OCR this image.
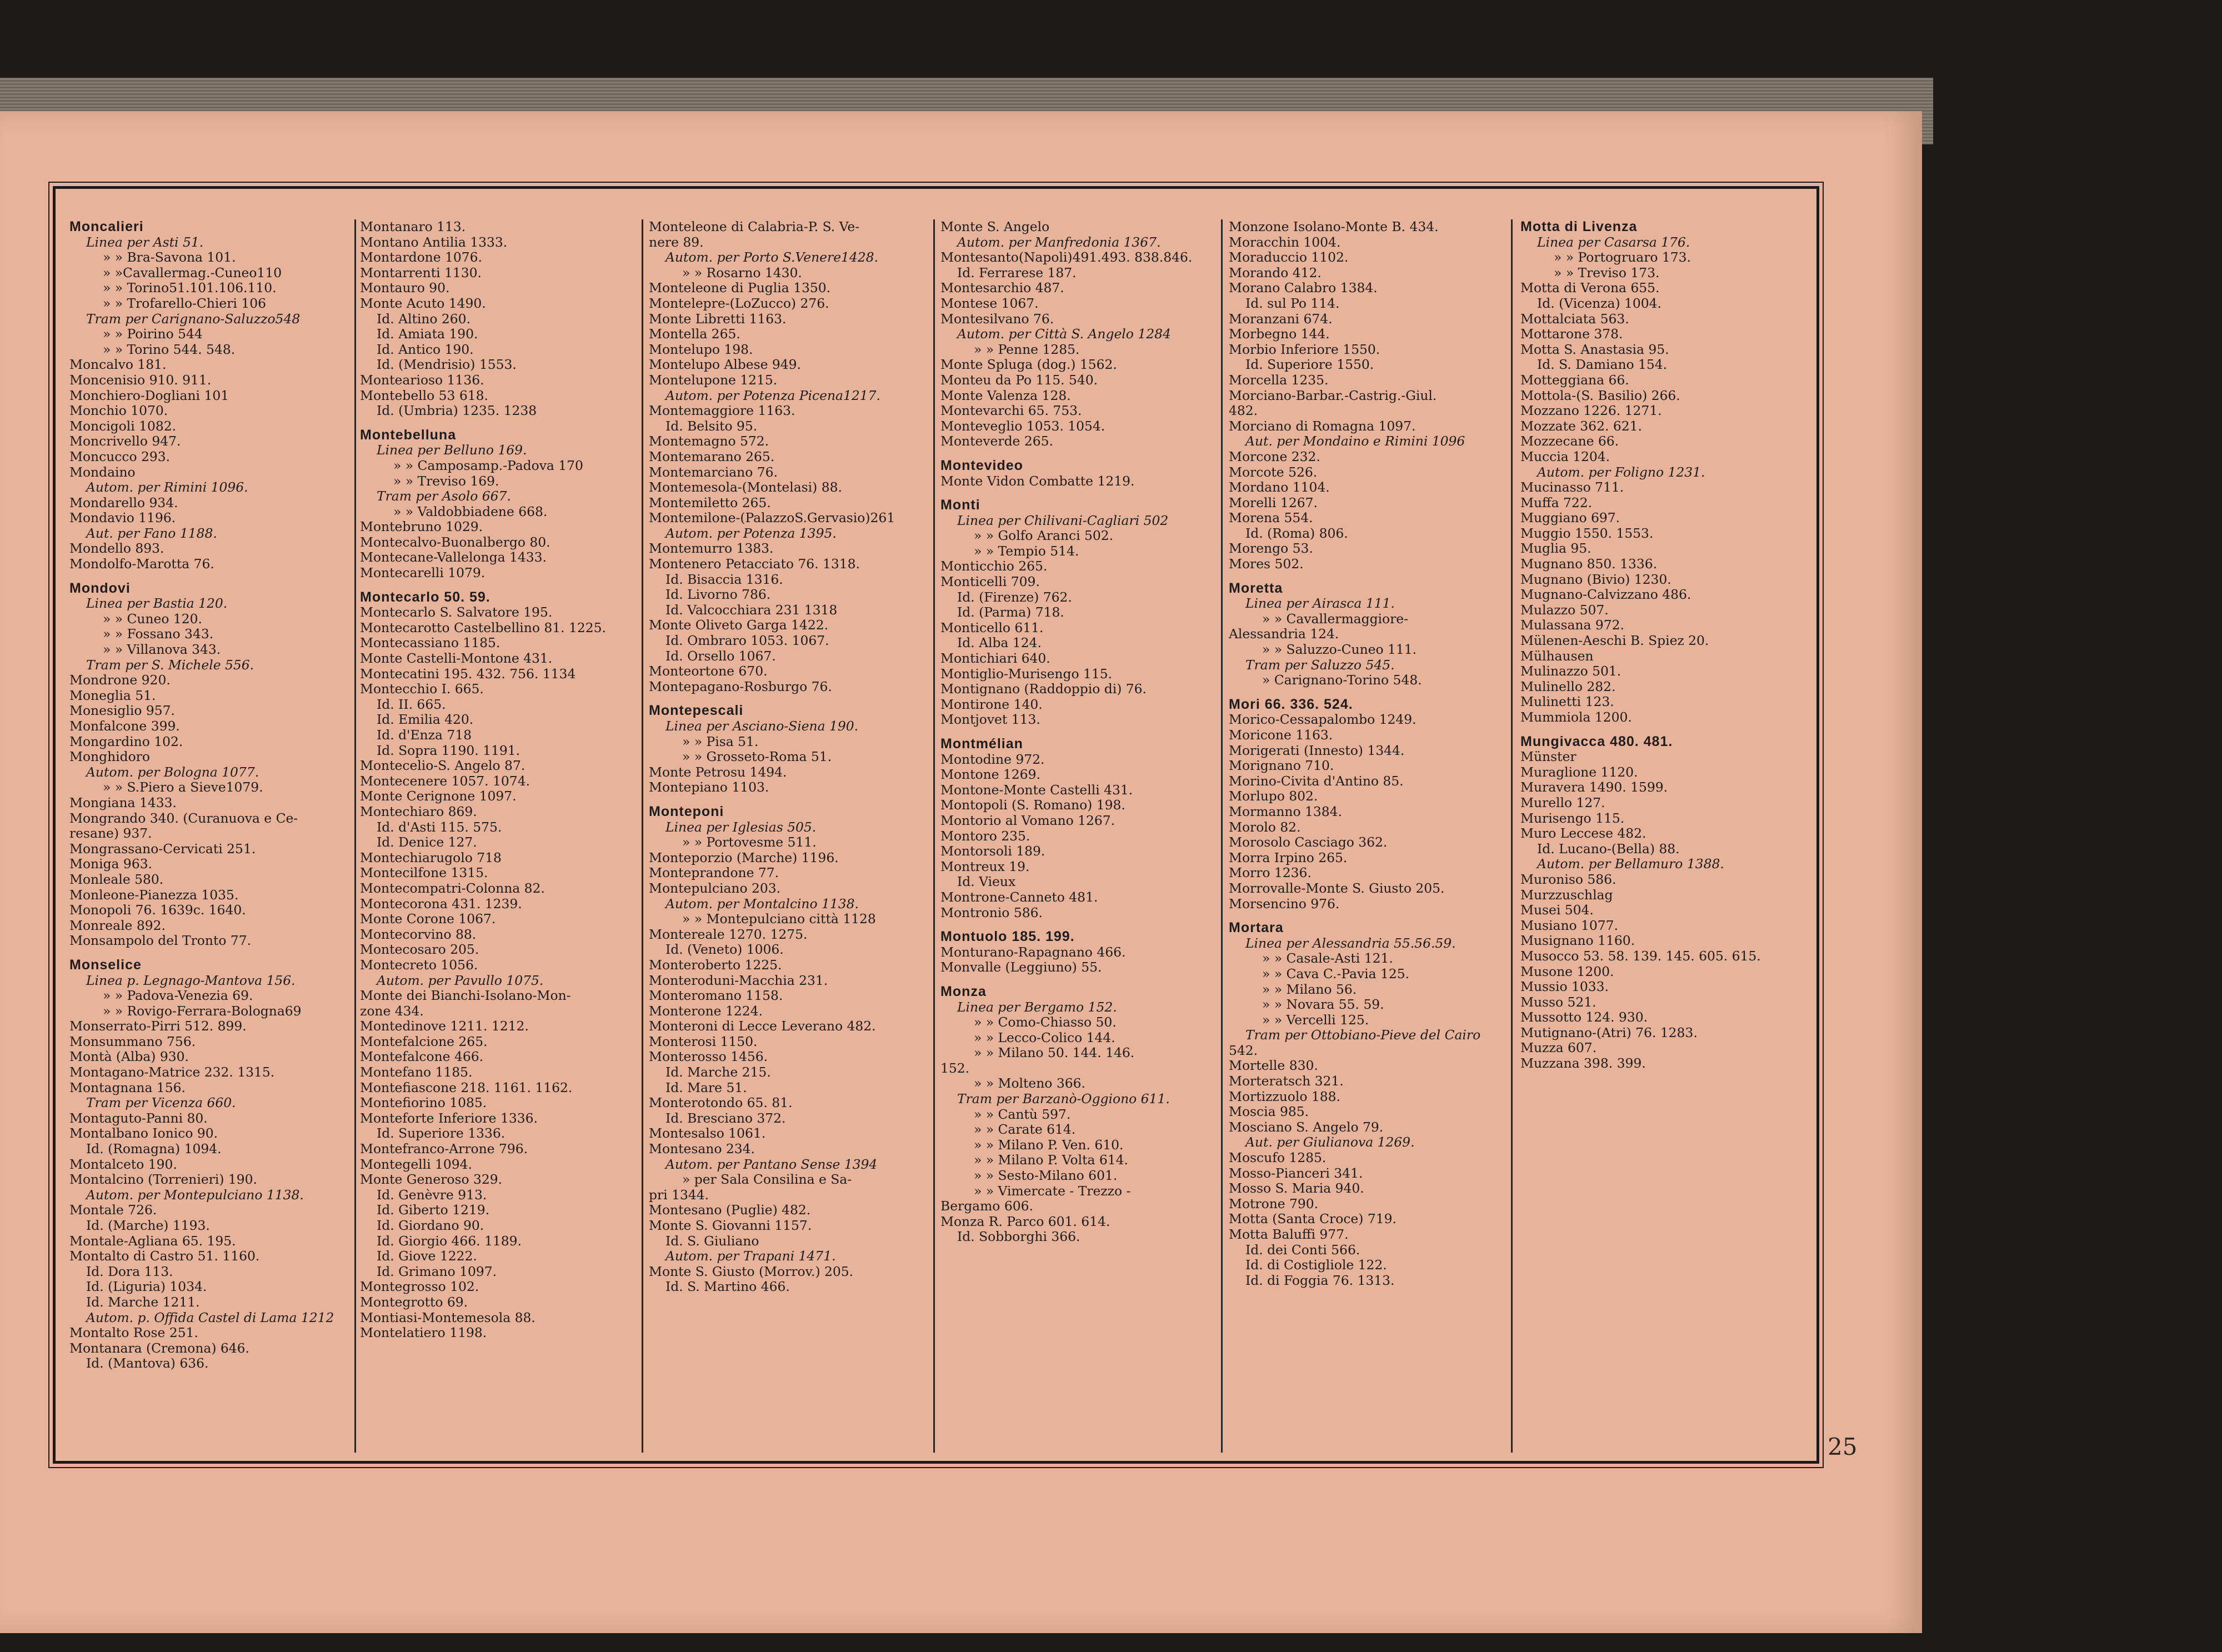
Moncalieri
Linea per Asti 51.
» » Bra-Savona 101.
» »Cavallermag.-Cuneo110
» » Torino51.101.106.110.
» » Trofarello-Chieri 106
Tram per Carignano-Saluzzo548
» » Poirino 544
» » Torino 544. 548.
Moncalvo 181.
Moncenisio 910. 911.
Monchiero-Dogliani 101
Monchio 1070.
Moncigoli 1082.
Moncrivello 947.
Moncucco 293.
Mondaino
Autom. per Rimini 1096.
Mondarello 934.
Mondavio 1196.
Aut. per Fano 1188.
Mondello 893.
Mondolfo-Marotta 76.
Mondovi
Linea per Bastia 120.
» » Cuneo 120.
» » Fossano 343.
» » Villanova 343.
Tram per S. Michele 556.
Mondrone 920.
Moneglia 51.
Monesiglio 957.
Monfalcone 399.
Mongardino 102.
Monghidoro
Autom. per Bologna 1077.
» » S.Piero a Sieve1079.
Mongiana 1433.
Mongrando 340. (Curanuova e Ce-
resane) 937.
Mongrassano-Cervicati 251.
Moniga 963.
Monleale 580.
Monleone-Pianezza 1035.
Monopoli 76. 1639c. 1640.
Monreale 892.
Monsampolo del Tronto 77.
Monselice
Linea p. Legnago-Mantova 156.
» » Padova-Venezia 69.
» » Rovigo-Ferrara-Bologna69
Monserrato-Pirri 512. 899.
Monsummano 756.
Montà (Alba) 930.
Montagano-Matrice 232. 1315.
Montagnana 156.
Tram per Vicenza 660.
Montaguto-Panni 80.
Montalbano Ionico 90.
Id. (Romagna) 1094.
Montalceto 190.
Montalcino (Torrenieri) 190.
Autom. per Montepulciano 1138.
Montale 726.
Id. (Marche) 1193.
Montale-Agliana 65. 195.
Montalto di Castro 51. 1160.
Id. Dora 113.
Id. (Liguria) 1034.
Id. Marche 1211.
Autom. p. Offida Castel di Lama 1212
Montalto Rose 251.
Montanara (Cremona) 646.
Id. (Mantova) 636.
Montanaro 113.
Montano Antilia 1333.
Montardone 1076.
Montarrenti 1130.
Montauro 90.
Monte Acuto 1490.
Id. Altino 260.
Id. Amiata 190.
Id. Antico 190.
Id. (Mendrisio) 1553.
Montearioso 1136.
Montebello 53 618.
Id. (Umbria) 1235. 1238
Montebelluna
Linea per Belluno 169.
» » Camposamp.-Padova 170
» » Treviso 169.
Tram per Asolo 667.
» » Valdobbiadene 668.
Montebruno 1029.
Montecalvo-Buonalbergo 80.
Montecane-Vallelonga 1433.
Montecarelli 1079.
Montecarlo 50. 59.
Montecarlo S. Salvatore 195.
Montecarotto Castelbellino 81. 1225.
Montecassiano 1185.
Monte Castelli-Montone 431.
Montecatini 195. 432. 756. 1134
Montecchio I. 665.
Id. II. 665.
Id. Emilia 420.
Id. d'Enza 718
Id. Sopra 1190. 1191.
Montecelio-S. Angelo 87.
Montecenere 1057. 1074.
Monte Cerignone 1097.
Montechiaro 869.
Id. d'Asti 115. 575.
Id. Denice 127.
Montechiarugolo 718
Montecilfone 1315.
Montecompatri-Colonna 82.
Montecorona 431. 1239.
Monte Corone 1067.
Montecorvino 88.
Montecosaro 205.
Montecreto 1056.
Autom. per Pavullo 1075.
Monte dei Bianchi-Isolano-Mon-
zone 434.
Montedinove 1211. 1212.
Montefalcione 265.
Montefalcone 466.
Montefano 1185.
Montefiascone 218. 1161. 1162.
Montefiorino 1085.
Monteforte Inferiore 1336.
Id. Superiore 1336.
Montefranco-Arrone 796.
Montegelli 1094.
Monte Generoso 329.
Id. Genèvre 913.
Id. Giberto 1219.
Id. Giordano 90.
Id. Giorgio 466. 1189.
Id. Giove 1222.
Id. Grimano 1097.
Montegrosso 102.
Montegrotto 69.
Montiasi-Montemesola 88.
Montelatiero 1198.
Monteleone di Calabria-P. S. Ve-
nere 89.
Autom. per Porto S.Venere1428.
» » Rosarno 1430.
Monteleone di Puglia 1350.
Montelepre-(LoZucco) 276.
Monte Libretti 1163.
Montella 265.
Montelupo 198.
Montelupo Albese 949.
Montelupone 1215.
Autom. per Potenza Picena1217.
Montemaggiore 1163.
Id. Belsito 95.
Montemagno 572.
Montemarano 265.
Montemarciano 76.
Montemesola-(Montelasi) 88.
Montemiletto 265.
Montemilone-(PalazzoS.Gervasio)261
Autom. per Potenza 1395.
Montemurro 1383.
Montenero Petacciato 76. 1318.
Id. Bisaccia 1316.
Id. Livorno 786.
Id. Valcocchiara 231 1318
Monte Oliveto Garga 1422.
Id. Ombraro 1053. 1067.
Id. Orsello 1067.
Monteortone 670.
Montepagano-Rosburgo 76.
Montepescali
Linea per Asciano-Siena 190.
» » Pisa 51.
» » Grosseto-Roma 51.
Monte Petrosu 1494.
Montepiano 1103.
Monteponi
Linea per Iglesias 505.
» » Portovesme 511.
Monteporzio (Marche) 1196.
Monteprandone 77.
Montepulciano 203.
Autom. per Montalcino 1138.
» » Montepulciano città 1128
Montereale 1270. 1275.
Id. (Veneto) 1006.
Monteroberto 1225.
Monteroduni-Macchia 231.
Monteromano 1158.
Monterone 1224.
Monteroni di Lecce Leverano 482.
Monterosi 1150.
Monterosso 1456.
Id. Marche 215.
Id. Mare 51.
Monterotondo 65. 81.
Id. Bresciano 372.
Montesalso 1061.
Montesano 234.
Autom. per Pantano Sense 1394
» per Sala Consilina e Sa-
pri 1344.
Montesano (Puglie) 482.
Monte S. Giovanni 1157.
Id. S. Giuliano
Autom. per Trapani 1471.
Monte S. Giusto (Morrov.) 205.
Id. S. Martino 466.
Monte S. Angelo
Autom. per Manfredonia 1367.
Montesanto(Napoli)491.493. 838.846.
Id. Ferrarese 187.
Montesarchio 487.
Montese 1067.
Montesilvano 76.
Autom. per Città S. Angelo 1284
» » Penne 1285.
Monte Spluga (dog.) 1562.
Monteu da Po 115. 540.
Monte Valenza 128.
Montevarchi 65. 753.
Monteveglio 1053. 1054.
Monteverde 265.
Montevideo
Monte Vidon Combatte 1219.
Monti
Linea per Chilivani-Cagliari 502
» » Golfo Aranci 502.
» » Tempio 514.
Monticchio 265.
Monticelli 709.
Id. (Firenze) 762.
Id. (Parma) 718.
Monticello 611.
Id. Alba 124.
Montichiari 640.
Montiglio-Murisengo 115.
Montignano (Raddoppio di) 76.
Montirone 140.
Montjovet 113.
Montmélian
Montodine 972.
Montone 1269.
Montone-Monte Castelli 431.
Montopoli (S. Romano) 198.
Montorio al Vomano 1267.
Montoro 235.
Montorsoli 189.
Montreux 19.
Id. Vieux
Montrone-Canneto 481.
Montronio 586.
Montuolo 185. 199.
Monturano-Rapagnano 466.
Monvalle (Leggiuno) 55.
Monza
Linea per Bergamo 152.
» » Como-Chiasso 50.
» » Lecco-Colico 144.
» » Milano 50. 144. 146.
152.
» » Molteno 366.
Tram per Barzanò-Oggiono 611.
» » Cantù 597.
» » Carate 614.
» » Milano P. Ven. 610.
» » Milano P. Volta 614.
» » Sesto-Milano 601.
» » Vimercate - Trezzo -
Bergamo 606.
Monza R. Parco 601. 614.
Id. Sobborghi 366.
Monzone Isolano-Monte B. 434.
Moracchin 1004.
Moraduccio 1102.
Morando 412.
Morano Calabro 1384.
Id. sul Po 114.
Moranzani 674.
Morbegno 144.
Morbio Inferiore 1550.
Id. Superiore 1550.
Morcella 1235.
Morciano-Barbar.-Castrig.-Giul.
482.
Morciano di Romagna 1097.
Aut. per Mondaino e Rimini 1096
Morcone 232.
Morcote 526.
Mordano 1104.
Morelli 1267.
Morena 554.
Id. (Roma) 806.
Morengo 53.
Mores 502.
Moretta
Linea per Airasca 111.
» » Cavallermaggiore-
Alessandria 124.
» » Saluzzo-Cuneo 111.
Tram per Saluzzo 545.
» Carignano-Torino 548.
Mori 66. 336. 524.
Morico-Cessapalombo 1249.
Moricone 1163.
Morigerati (Innesto) 1344.
Morignano 710.
Morino-Civita d'Antino 85.
Morlupo 802.
Mormanno 1384.
Morolo 82.
Morosolo Casciago 362.
Morra Irpino 265.
Morro 1236.
Morrovalle-Monte S. Giusto 205.
Morsencino 976.
Mortara
Linea per Alessandria 55.56.59.
» » Casale-Asti 121.
» » Cava C.-Pavia 125.
» » Milano 56.
» » Novara 55. 59.
» » Vercelli 125.
Tram per Ottobiano-Pieve del Cairo
542.
Mortelle 830.
Morteratsch 321.
Mortizzuolo 188.
Moscia 985.
Mosciano S. Angelo 79.
Aut. per Giulianova 1269.
Moscufo 1285.
Mosso-Pianceri 341.
Mosso S. Maria 940.
Motrone 790.
Motta (Santa Croce) 719.
Motta Baluffi 977.
Id. dei Conti 566.
Id. di Costigliole 122.
Id. di Foggia 76. 1313.
Motta di Livenza
Linea per Casarsa 176.
» » Portogruaro 173.
» » Treviso 173.
Motta di Verona 655.
Id. (Vicenza) 1004.
Mottalciata 563.
Mottarone 378.
Motta S. Anastasia 95.
Id. S. Damiano 154.
Motteggiana 66.
Mottola-(S. Basilio) 266.
Mozzano 1226. 1271.
Mozzate 362. 621.
Mozzecane 66.
Muccia 1204.
Autom. per Foligno 1231.
Mucinasso 711.
Muffa 722.
Muggiano 697.
Muggio 1550. 1553.
Muglia 95.
Mugnano 850. 1336.
Mugnano (Bivio) 1230.
Mugnano-Calvizzano 486.
Mulazzo 507.
Mulassana 972.
Mülenen-Aeschi B. Spiez 20.
Mülhausen
Mulinazzo 501.
Mulinello 282.
Mulinetti 123.
Mummiola 1200.
Mungivacca 480. 481.
Münster
Muraglione 1120.
Muravera 1490. 1599.
Murello 127.
Murisengo 115.
Muro Leccese 482.
Id. Lucano-(Bella) 88.
Autom. per Bellamuro 1388.
Muroniso 586.
Murzzuschlag
Musei 504.
Musiano 1077.
Musignano 1160.
Musocco 53. 58. 139. 145. 605. 615.
Musone 1200.
Mussio 1033.
Musso 521.
Mussotto 124. 930.
Mutignano-(Atri) 76. 1283.
Muzza 607.
Muzzana 398. 399.
25
